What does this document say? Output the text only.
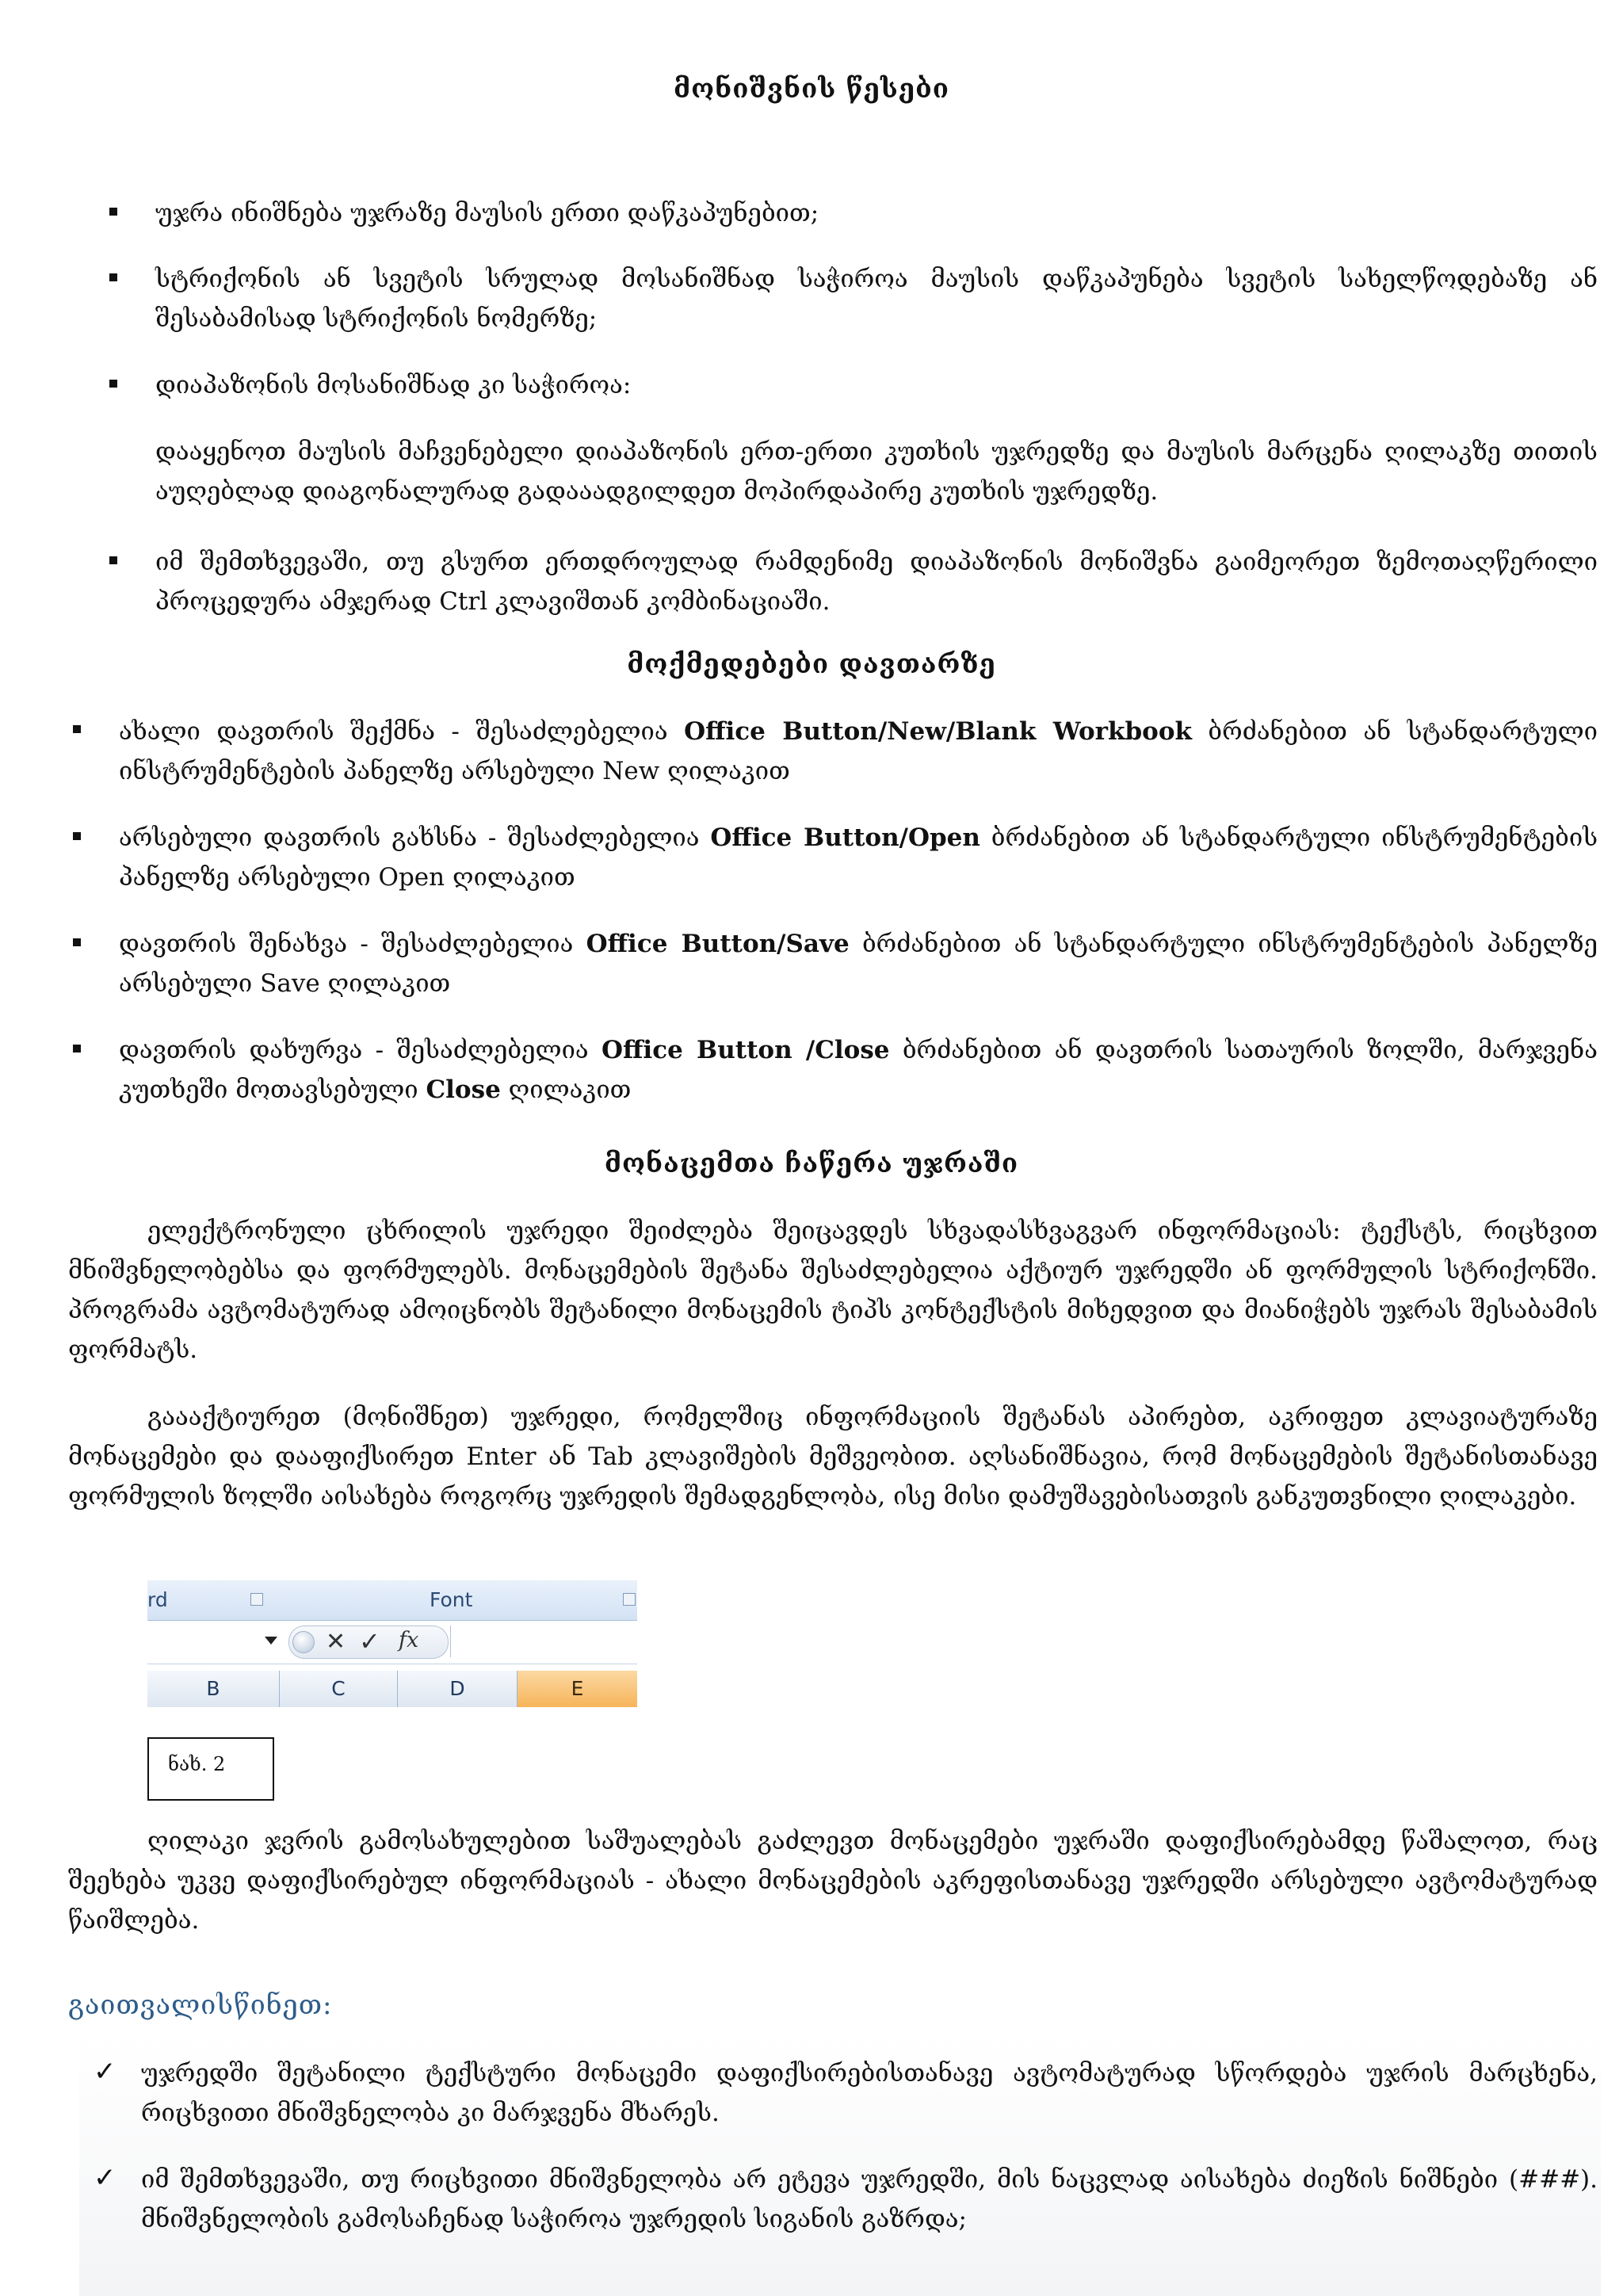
მონიშვნის წესები
უჯრა ინიშნება უჯრაზე მაუსის ერთი დაწკაპუნებით;
სტრიქონის ან სვეტის სრულად მოსანიშნად საჭიროა მაუსის დაწკაპუნება სვეტის სახელწოდებაზე ან შესაბამისად სტრიქონის ნომერზე;
დიაპაზონის მოსანიშნად კი საჭიროა:
დააყენოთ მაუსის მაჩვენებელი დიაპაზონის ერთ-ერთი კუთხის უჯრედზე და მაუსის მარცენა ღილაკზე თითის აუღებლად დიაგონალურად გადააადგილდეთ მოპირდაპირე კუთხის უჯრედზე.
იმ შემთხვევაში, თუ გსურთ ერთდროულად რამდენიმე დიაპაზონის მონიშვნა გაიმეორეთ ზემოთაღწერილი პროცედურა ამჯერად Ctrl კლავიშთან კომბინაციაში.
მოქმედებები დავთარზე
ახალი დავთრის შექმნა - შესაძლებელია Office Button/New/Blank Workbook ბრძანებით ან სტანდარტული ინსტრუმენტების პანელზე არსებული New ღილაკით
არსებული დავთრის გახსნა - შესაძლებელია Office Button/Open ბრძანებით ან სტანდარტული ინსტრუმენტების პანელზე არსებული Open ღილაკით
დავთრის შენახვა - შესაძლებელია Office Button/Save ბრძანებით ან სტანდარტული ინსტრუმენტების პანელზე არსებული Save ღილაკით
დავთრის დახურვა - შესაძლებელია Office Button /Close ბრძანებით ან დავთრის სათაურის ზოლში, მარჯვენა კუთხეში მოთავსებული Close ღილაკით
მონაცემთა ჩაწერა უჯრაში
ელექტრონული ცხრილის უჯრედი შეიძლება შეიცავდეს სხვადასხვაგვარ ინფორმაციას: ტექსტს, რიცხვით მნიშვნელობებსა და ფორმულებს. მონაცემების შეტანა შესაძლებელია აქტიურ უჯრედში ან ფორმულის სტრიქონში. პროგრამა ავტომატურად ამოიცნობს შეტანილი მონაცემის ტიპს კონტექსტის მიხედვით და მიანიჭებს უჯრას შესაბამის ფორმატს.
გაააქტიურეთ (მონიშნეთ) უჯრედი, რომელშიც ინფორმაციის შეტანას აპირებთ, აკრიფეთ კლავიატურაზე მონაცემები და დააფიქსირეთ Enter ან Tab კლავიშების მეშვეობით. აღსანიშნავია, რომ მონაცემების შეტანისთანავე ფორმულის ზოლში აისახება როგორც უჯრედის შემადგენლობა, ისე მისი დამუშავებისათვის განკუთვნილი ღილაკები.
rd	Font
✕ ✓ fx
B	C	D	E
ნახ. 2
ღილაკი ჯვრის გამოსახულებით საშუალებას გაძლევთ მონაცემები უჯრაში დაფიქსირებამდე წაშალოთ, რაც შეეხება უკვე დაფიქსირებულ ინფორმაციას - ახალი მონაცემების აკრეფისთანავე უჯრედში არსებული ავტომატურად წაიშლება.
გაითვალისწინეთ:
✓ უჯრედში შეტანილი ტექსტური მონაცემი დაფიქსირებისთანავე ავტომატურად სწორდება უჯრის მარცხენა, რიცხვითი მნიშვნელობა კი მარჯვენა მხარეს.
✓ იმ შემთხვევაში, თუ რიცხვითი მნიშვნელობა არ ეტევა უჯრედში, მის ნაცვლად აისახება ძიეზის ნიშნები (###). მნიშვნელობის გამოსაჩენად საჭიროა უჯრედის სიგანის გაზრდა;
